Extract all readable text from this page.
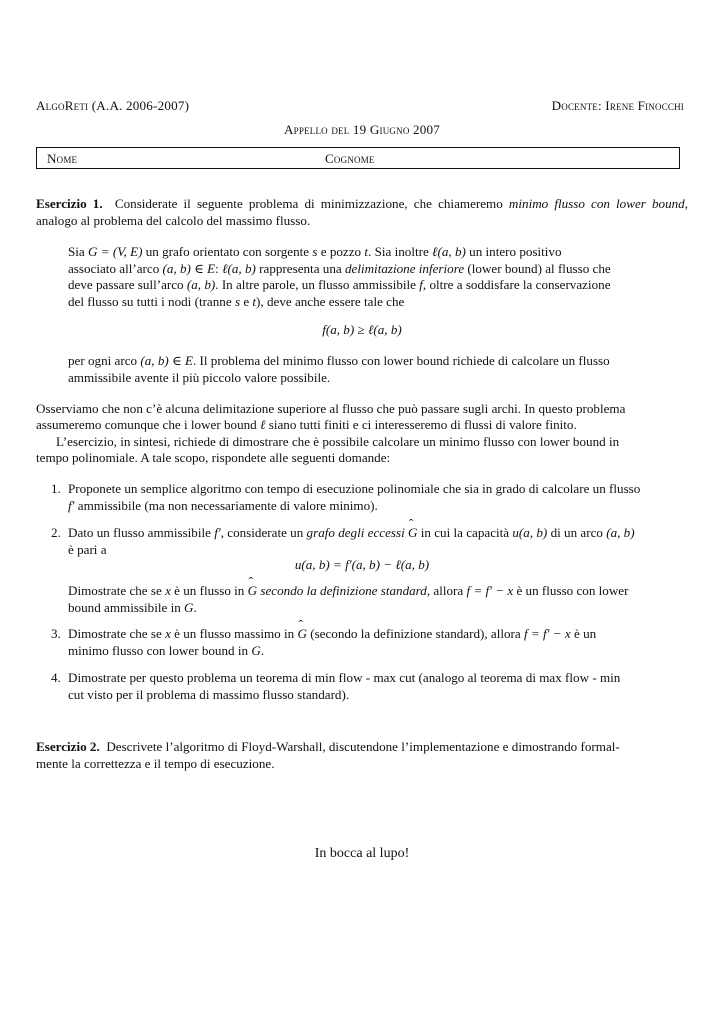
AlgoReti (A.A. 2006-2007)	Docente: Irene Finocchi
Appello del 19 Giugno 2007
Nome	Cognome
Esercizio 1. Considerate il seguente problema di minimizzazione, che chiameremo minimo flusso con lower bound, analogo al problema del calcolo del massimo flusso.
Sia G = (V, E) un grafo orientato con sorgente s e pozzo t. Sia inoltre ℓ(a, b) un intero positivo
associato all’arco (a, b) ∈ E: ℓ(a, b) rappresenta una delimitazione inferiore (lower bound) al flusso che
deve passare sull’arco (a, b). In altre parole, un flusso ammissibile f, oltre a soddisfare la conservazione
del flusso su tutti i nodi (tranne s e t), deve anche essere tale che
f(a, b) ≥ ℓ(a, b)
per ogni arco (a, b) ∈ E. Il problema del minimo flusso con lower bound richiede di calcolare un flusso
ammissibile avente il più piccolo valore possibile.
Osserviamo che non c’è alcuna delimitazione superiore al flusso che può passare sugli archi. In questo problema
assumeremo comunque che i lower bound ℓ siano tutti finiti e ci interesseremo di flussi di valore finito.
L’esercizio, in sintesi, richiede di dimostrare che è possibile calcolare un minimo flusso con lower bound in
tempo polinomiale. A tale scopo, rispondete alle seguenti domande:
1. Proponete un semplice algoritmo con tempo di esecuzione polinomiale che sia in grado di calcolare un flusso
f′ ammissibile (ma non necessariamente di valore minimo).
2. Dato un flusso ammissibile f′, considerate un grafo degli eccessi ˆ G in cui la capacità u(a, b) di un arco (a, b)
è pari a
u(a, b) = f′(a, b) − ℓ(a, b)
Dimostrate che se x è un flusso in ˆ G secondo la definizione standard, allora f = f′ − x è un flusso con lower
bound ammissibile in G.
3. Dimostrate che se x è un flusso massimo in ˆ G (secondo la definizione standard), allora f = f′ − x è un
minimo flusso con lower bound in G.
4. Dimostrate per questo problema un teorema di min flow - max cut (analogo al teorema di max flow - min
cut visto per il problema di massimo flusso standard).
Esercizio 2. Descrivete l’algoritmo di Floyd-Warshall, discutendone l’implementazione e dimostrando formal-
mente la correttezza e il tempo di esecuzione.
In bocca al lupo!
